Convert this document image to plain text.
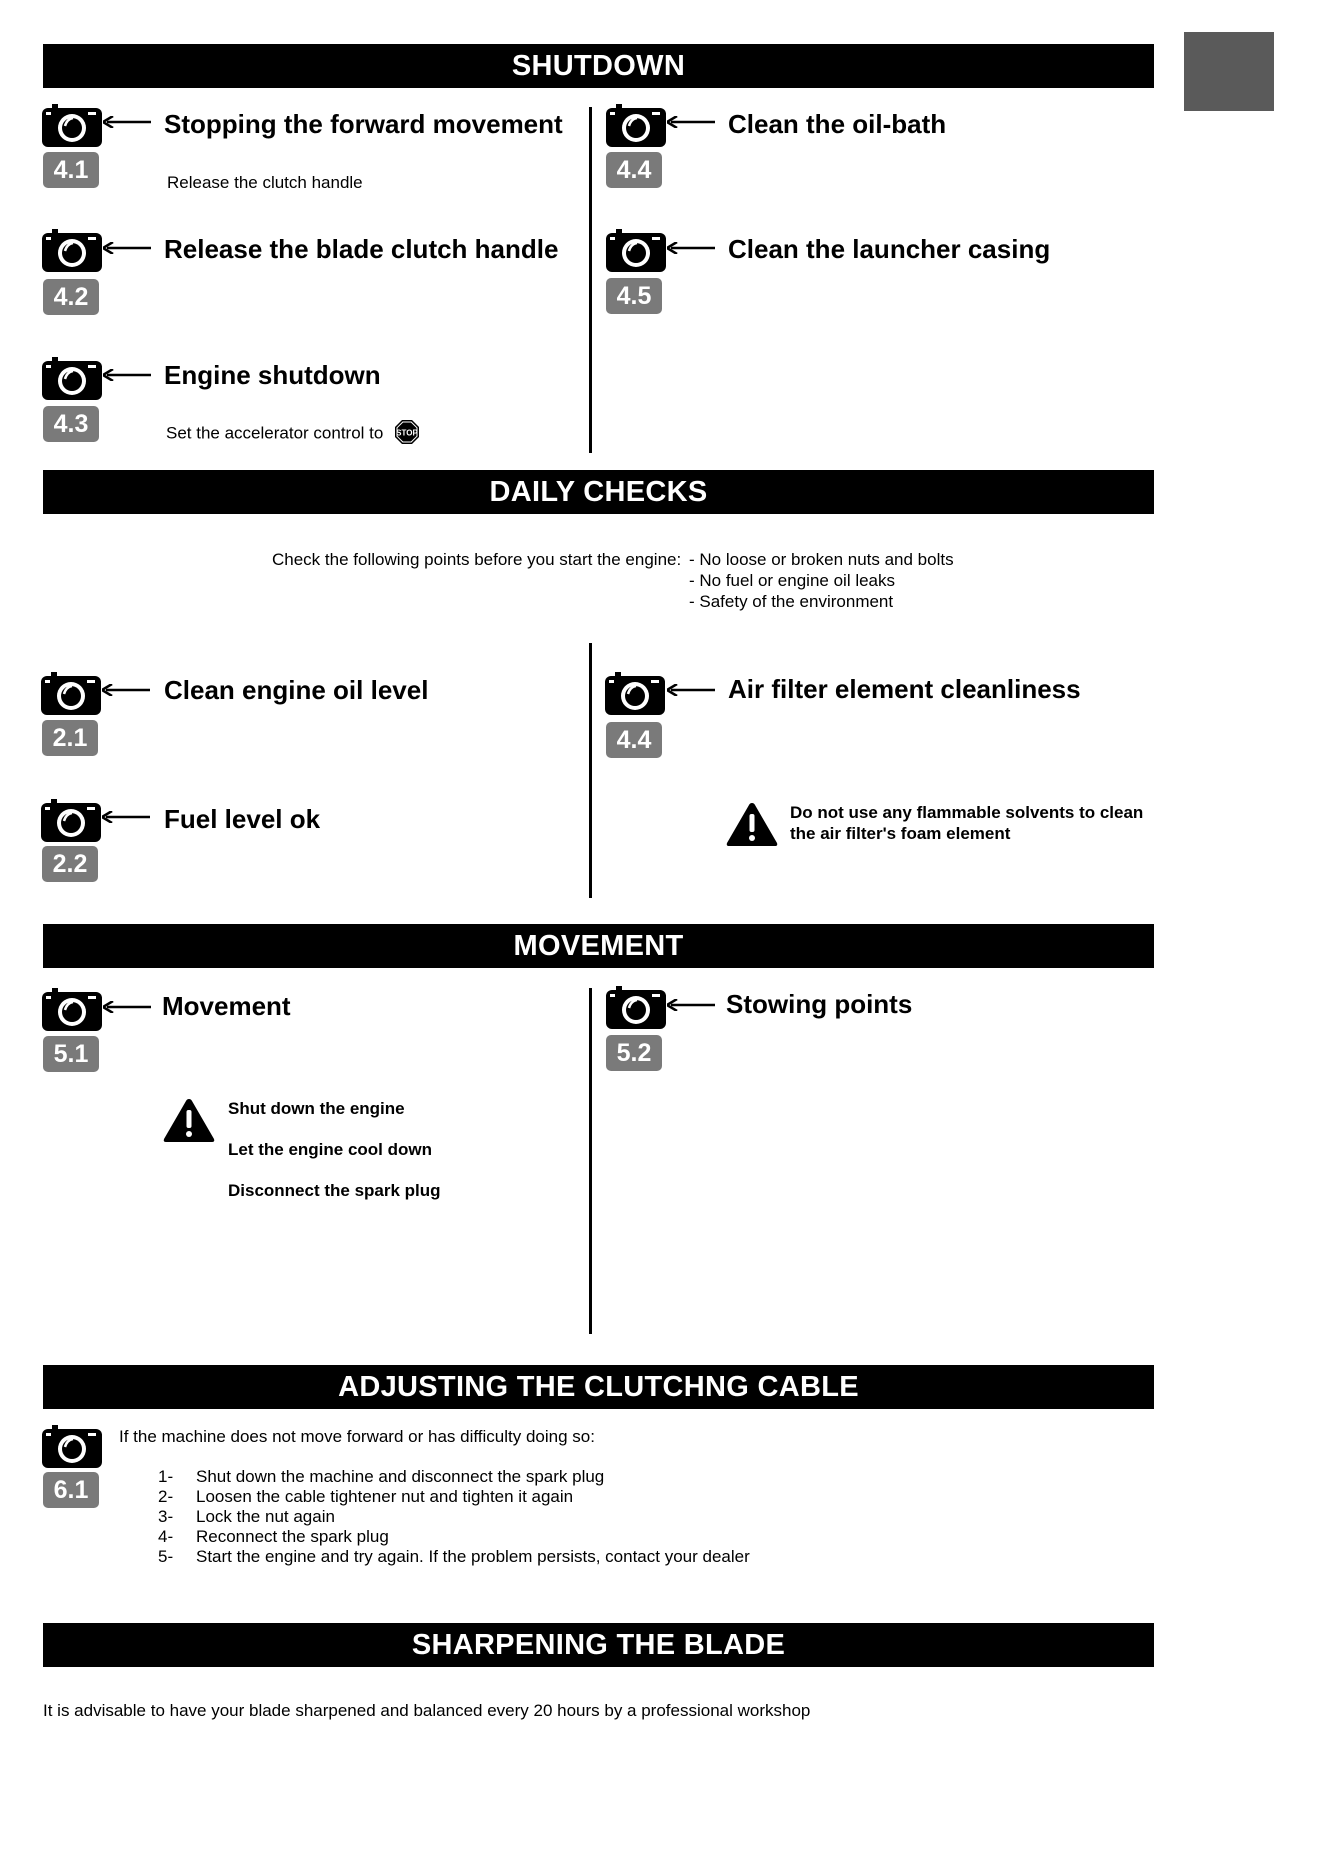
SHUTDOWN
4.1
Stopping the forward movement
Release the clutch handle
4.2
Release the blade clutch handle
4.3
Engine shutdown
Set the accelerator control to STOP
4.4
Clean the oil-bath
4.5
Clean the launcher casing
DAILY CHECKS
Check the following points before you start the engine: - No loose or broken nuts and bolts
- No fuel or engine oil leaks
- Safety of the environment
2.1
Clean engine oil level
2.2
Fuel level ok
4.4
Air filter element cleanliness
Do not use any flammable solvents to clean
the air filter's foam element
MOVEMENT
5.1
Movement
Shut down the engine
Let the engine cool down
Disconnect the spark plug
5.2
Stowing points
ADJUSTING THE CLUTCHNG CABLE
6.1
If the machine does not move forward or has difficulty doing so:
1- Shut down the machine and disconnect the spark plug
2- Loosen the cable tightener nut and tighten it again
3- Lock the nut again
4- Reconnect the spark plug
5- Start the engine and try again. If the problem persists, contact your dealer
SHARPENING THE BLADE
It is advisable to have your blade sharpened and balanced every 20 hours by a professional workshop
